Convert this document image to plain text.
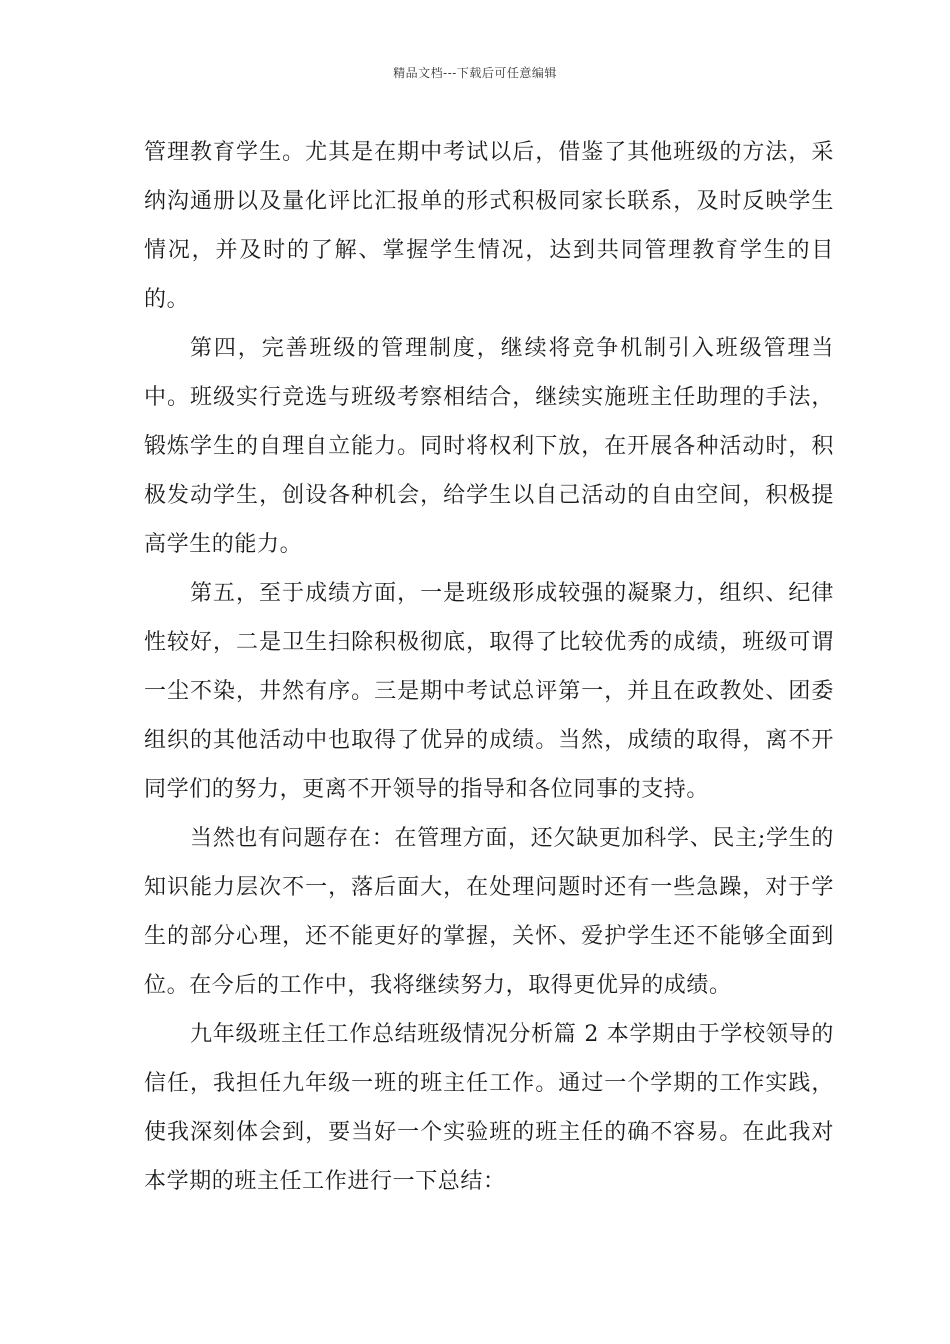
精品文档---下载后可任意编辑

管理教育学生。尤其是在期中考试以后，借鉴了其他班级的方法，采纳沟通册以及量化评比汇报单的形式积极同家长联系，及时反映学生情况，并及时的了解、掌握学生情况，达到共同管理教育学生的目的。

第四，完善班级的管理制度，继续将竞争机制引入班级管理当中。班级实行竞选与班级考察相结合，继续实施班主任助理的手法，锻炼学生的自理自立能力。同时将权利下放，在开展各种活动时，积极发动学生，创设各种机会，给学生以自己活动的自由空间，积极提高学生的能力。

第五，至于成绩方面，一是班级形成较强的凝聚力，组织、纪律性较好，二是卫生扫除积极彻底，取得了比较优秀的成绩，班级可谓一尘不染，井然有序。三是期中考试总评第一，并且在政教处、团委组织的其他活动中也取得了优异的成绩。当然，成绩的取得，离不开同学们的努力，更离不开领导的指导和各位同事的支持。

当然也有问题存在：在管理方面，还欠缺更加科学、民主;学生的知识能力层次不一，落后面大，在处理问题时还有一些急躁，对于学生的部分心理，还不能更好的掌握，关怀、爱护学生还不能够全面到位。在今后的工作中，我将继续努力，取得更优异的成绩。

九年级班主任工作总结班级情况分析篇 2 本学期由于学校领导的信任，我担任九年级一班的班主任工作。通过一个学期的工作实践，使我深刻体会到，要当好一个实验班的班主任的确不容易。在此我对本学期的班主任工作进行一下总结：
